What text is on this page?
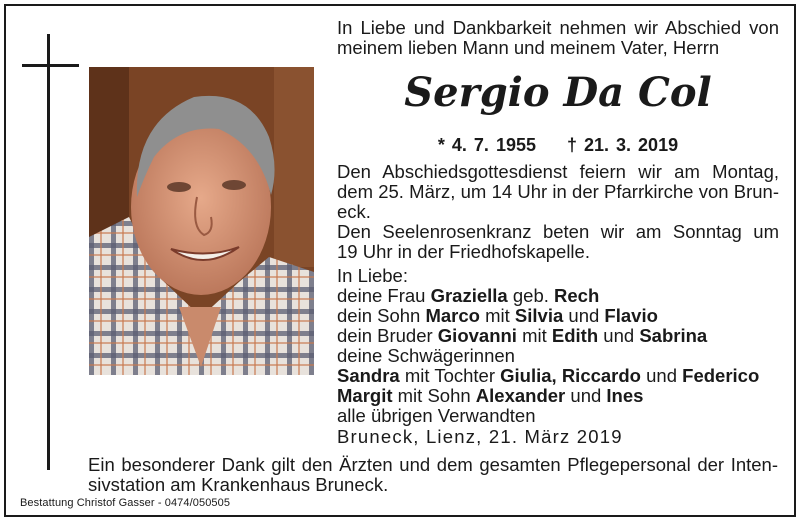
In Liebe und Dankbarkeit nehmen wir Abschied von
meinem lieben Mann und meinem Vater, Herrn
Sergio Da Col
* 4. 7. 1955 † 21. 3. 2019
Den Abschiedsgottesdienst feiern wir am Montag,
dem 25. März, um 14 Uhr in der Pfarrkirche von Brun-
eck.
Den Seelenrosenkranz beten wir am Sonntag um
19 Uhr in der Friedhofskapelle.
In Liebe:
deine Frau Graziella geb. Rech
dein Sohn Marco mit Silvia und Flavio
dein Bruder Giovanni mit Edith und Sabrina
deine Schwägerinnen
Sandra mit Tochter Giulia, Riccardo und Federico
Margit mit Sohn Alexander und Ines
alle übrigen Verwandten
Bruneck, Lienz, 21. März 2019
Ein besonderer Dank gilt den Ärzten und dem gesamten Pflegepersonal der Inten-
sivstation am Krankenhaus Bruneck.
Bestattung Christof Gasser - 0474/050505
